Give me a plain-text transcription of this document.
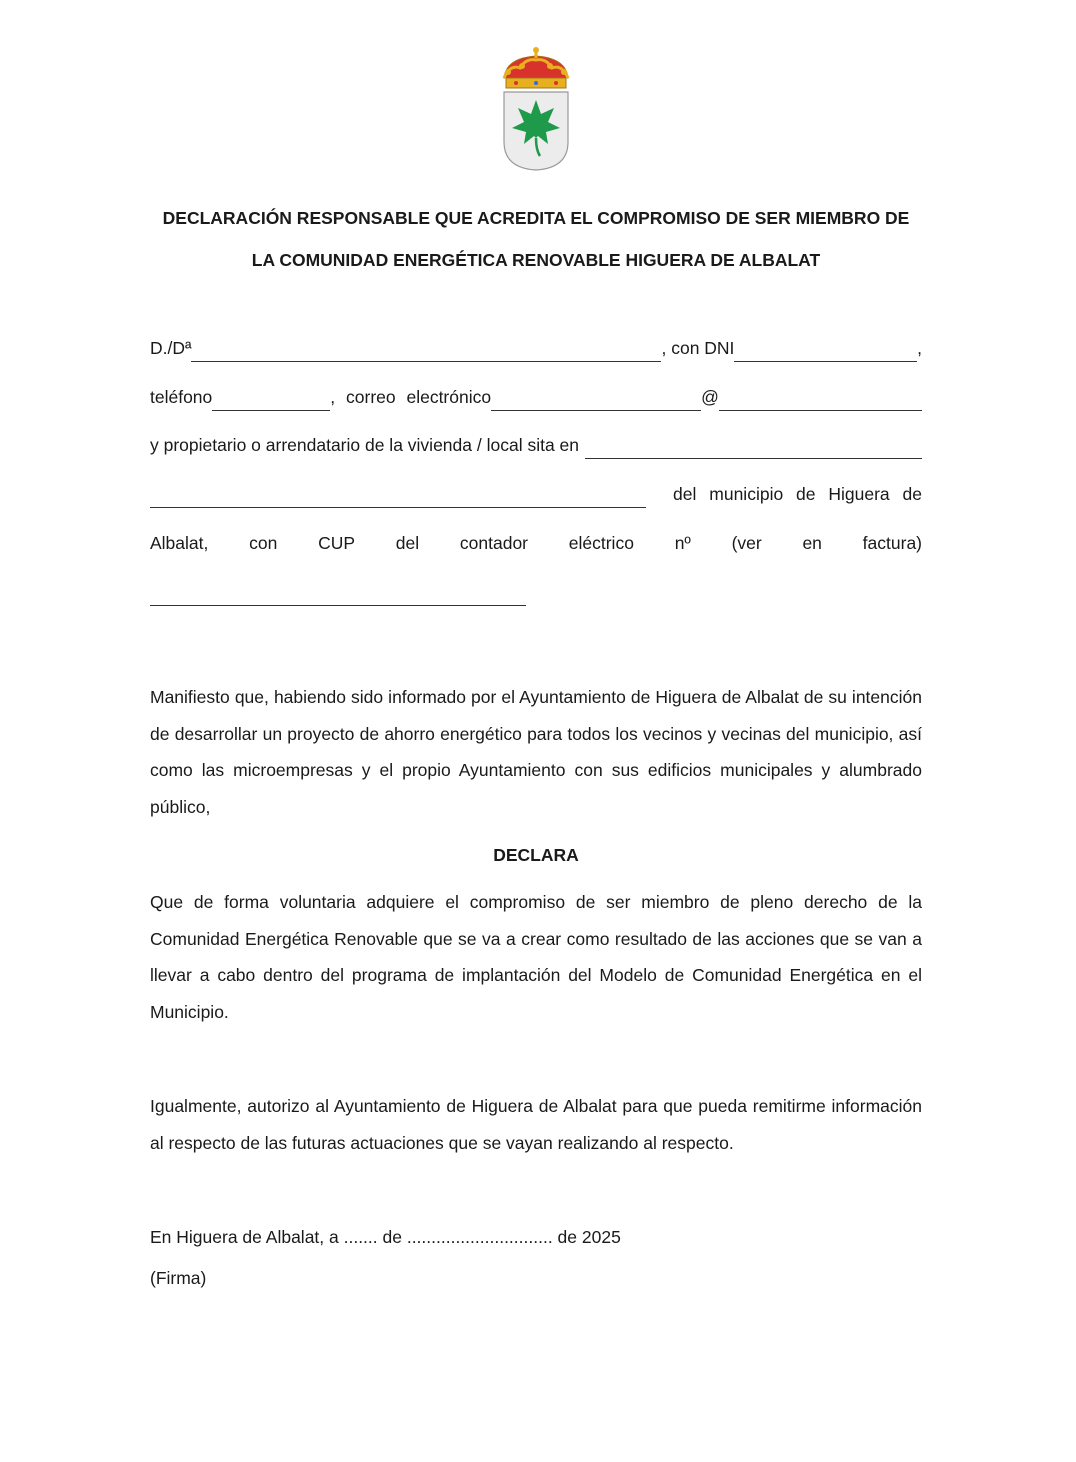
DECLARACIÓN RESPONSABLE QUE ACREDITA EL COMPROMISO DE SER MIEMBRO DE
LA COMUNIDAD ENERGÉTICA RENOVABLE HIGUERA DE ALBALAT
D./Dª	, con DNI	,
teléfono	, correo electrónico	@
y propietario o arrendatario de la vivienda / local sita en
del municipio de Higuera de
Albalat, con CUP del contador eléctrico nº (ver en factura)
Manifiesto que, habiendo sido informado por el Ayuntamiento de Higuera de Albalat de su intención de desarrollar un proyecto de ahorro energético para todos los vecinos y vecinas del municipio, así como las microempresas y el propio Ayuntamiento con sus edificios municipales y alumbrado público,
DECLARA
Que de forma voluntaria adquiere el compromiso de ser miembro de pleno derecho de la Comunidad Energética Renovable que se va a crear como resultado de las acciones que se van a llevar a cabo dentro del programa de implantación del Modelo de Comunidad Energética en el Municipio.
Igualmente, autorizo al Ayuntamiento de Higuera de Albalat para que pueda remitirme información al respecto de las futuras actuaciones que se vayan realizando al respecto.
En Higuera de Albalat, a ....... de .............................. de 2025
(Firma)
